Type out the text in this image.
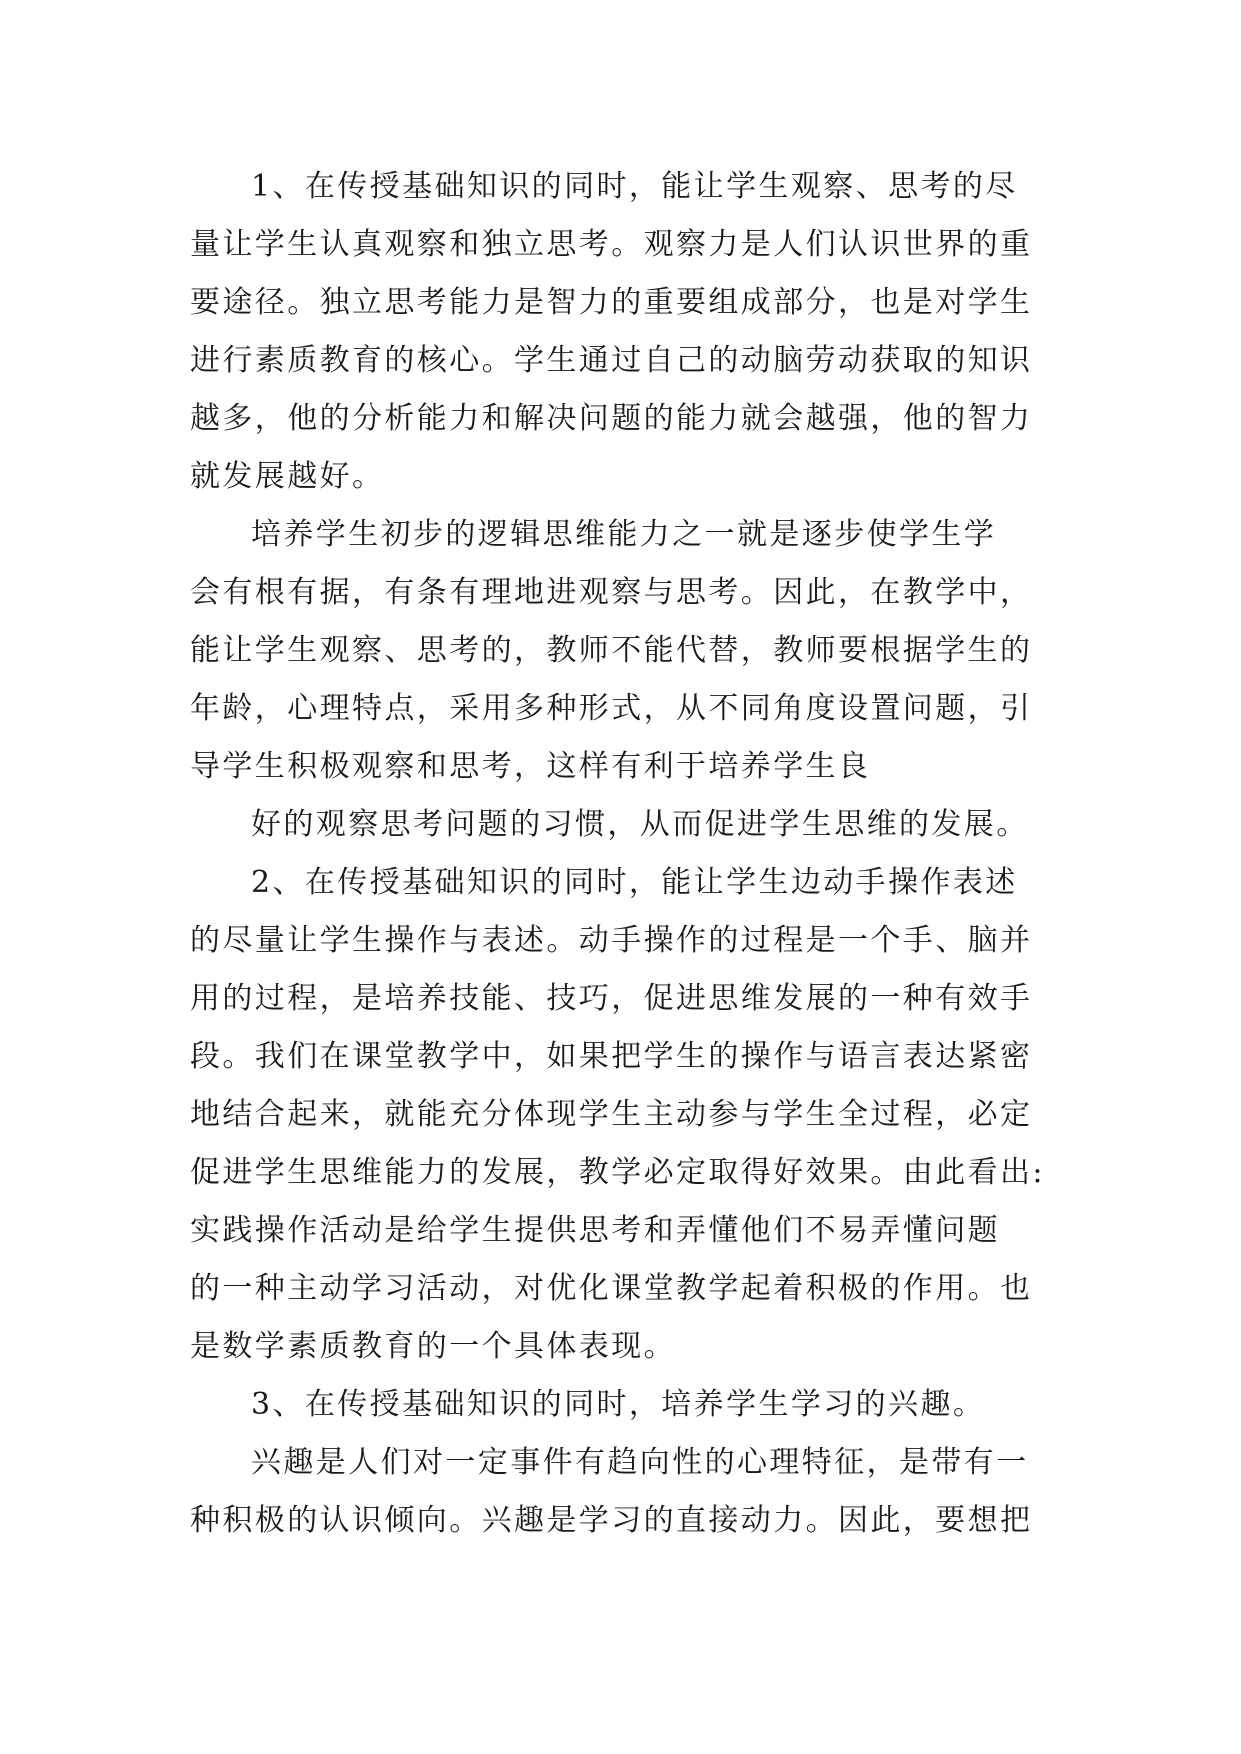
1、在传授基础知识的同时，能让学生观察、思考的尽
量让学生认真观察和独立思考。观察力是人们认识世界的重
要途径。独立思考能力是智力的重要组成部分，也是对学生
进行素质教育的核心。学生通过自己的动脑劳动获取的知识
越多，他的分析能力和解决问题的能力就会越强，他的智力
就发展越好。
培养学生初步的逻辑思维能力之一就是逐步使学生学
会有根有据，有条有理地进观察与思考。因此，在教学中，
能让学生观察、思考的，教师不能代替，教师要根据学生的
年龄，心理特点，采用多种形式，从不同角度设置问题，引
导学生积极观察和思考，这样有利于培养学生良
好的观察思考问题的习惯，从而促进学生思维的发展。
2、在传授基础知识的同时，能让学生边动手操作表述
的尽量让学生操作与表述。动手操作的过程是一个手、脑并
用的过程，是培养技能、技巧，促进思维发展的一种有效手
段。我们在课堂教学中，如果把学生的操作与语言表达紧密
地结合起来，就能充分体现学生主动参与学生全过程，必定
促进学生思维能力的发展，教学必定取得好效果。由此看出:
实践操作活动是给学生提供思考和弄懂他们不易弄懂问题
的一种主动学习活动，对优化课堂教学起着积极的作用。也
是数学素质教育的一个具体表现。
3、在传授基础知识的同时，培养学生学习的兴趣。
兴趣是人们对一定事件有趋向性的心理特征，是带有一
种积极的认识倾向。兴趣是学习的直接动力。因此，要想把
